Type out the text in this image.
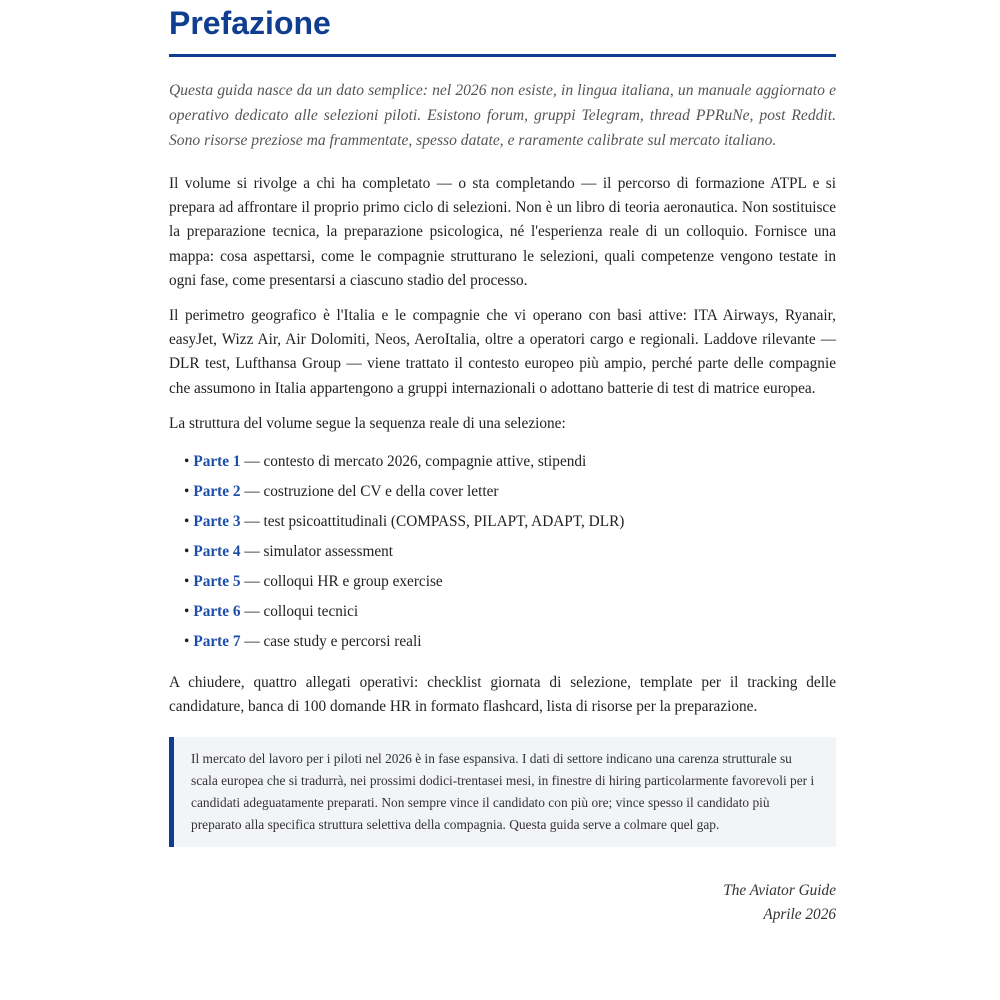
Prefazione

Questa guida nasce da un dato semplice: nel 2026 non esiste, in lingua italiana, un manuale aggiornato e operativo dedicato alle selezioni piloti. Esistono forum, gruppi Telegram, thread PPRuNe, post Reddit. Sono risorse preziose ma frammentate, spesso datate, e raramente calibrate sul mercato italiano.

Il volume si rivolge a chi ha completato — o sta completando — il percorso di formazione ATPL e si prepara ad affrontare il proprio primo ciclo di selezioni. Non è un libro di teoria aeronautica. Non sostituisce la preparazione tecnica, la preparazione psicologica, né l'esperienza reale di un colloquio. Fornisce una mappa: cosa aspettarsi, come le compagnie strutturano le selezioni, quali competenze vengono testate in ogni fase, come presentarsi a ciascuno stadio del processo.

Il perimetro geografico è l'Italia e le compagnie che vi operano con basi attive: ITA Airways, Ryanair, easyJet, Wizz Air, Air Dolomiti, Neos, AeroItalia, oltre a operatori cargo e regionali. Laddove rilevante — DLR test, Lufthansa Group — viene trattato il contesto europeo più ampio, perché parte delle compagnie che assumono in Italia appartengono a gruppi internazionali o adottano batterie di test di matrice europea.

La struttura del volume segue la sequenza reale di una selezione:

• Parte 1 — contesto di mercato 2026, compagnie attive, stipendi
• Parte 2 — costruzione del CV e della cover letter
• Parte 3 — test psicoattitudinali (COMPASS, PILAPT, ADAPT, DLR)
• Parte 4 — simulator assessment
• Parte 5 — colloqui HR e group exercise
• Parte 6 — colloqui tecnici
• Parte 7 — case study e percorsi reali

A chiudere, quattro allegati operativi: checklist giornata di selezione, template per il tracking delle candidature, banca di 100 domande HR in formato flashcard, lista di risorse per la preparazione.

Il mercato del lavoro per i piloti nel 2026 è in fase espansiva. I dati di settore indicano una carenza strutturale su scala europea che si tradurrà, nei prossimi dodici-trentasei mesi, in finestre di hiring particolarmente favorevoli per i candidati adeguatamente preparati. Non sempre vince il candidato con più ore; vince spesso il candidato più preparato alla specifica struttura selettiva della compagnia. Questa guida serve a colmare quel gap.
The Aviator Guide
Aprile 2026
